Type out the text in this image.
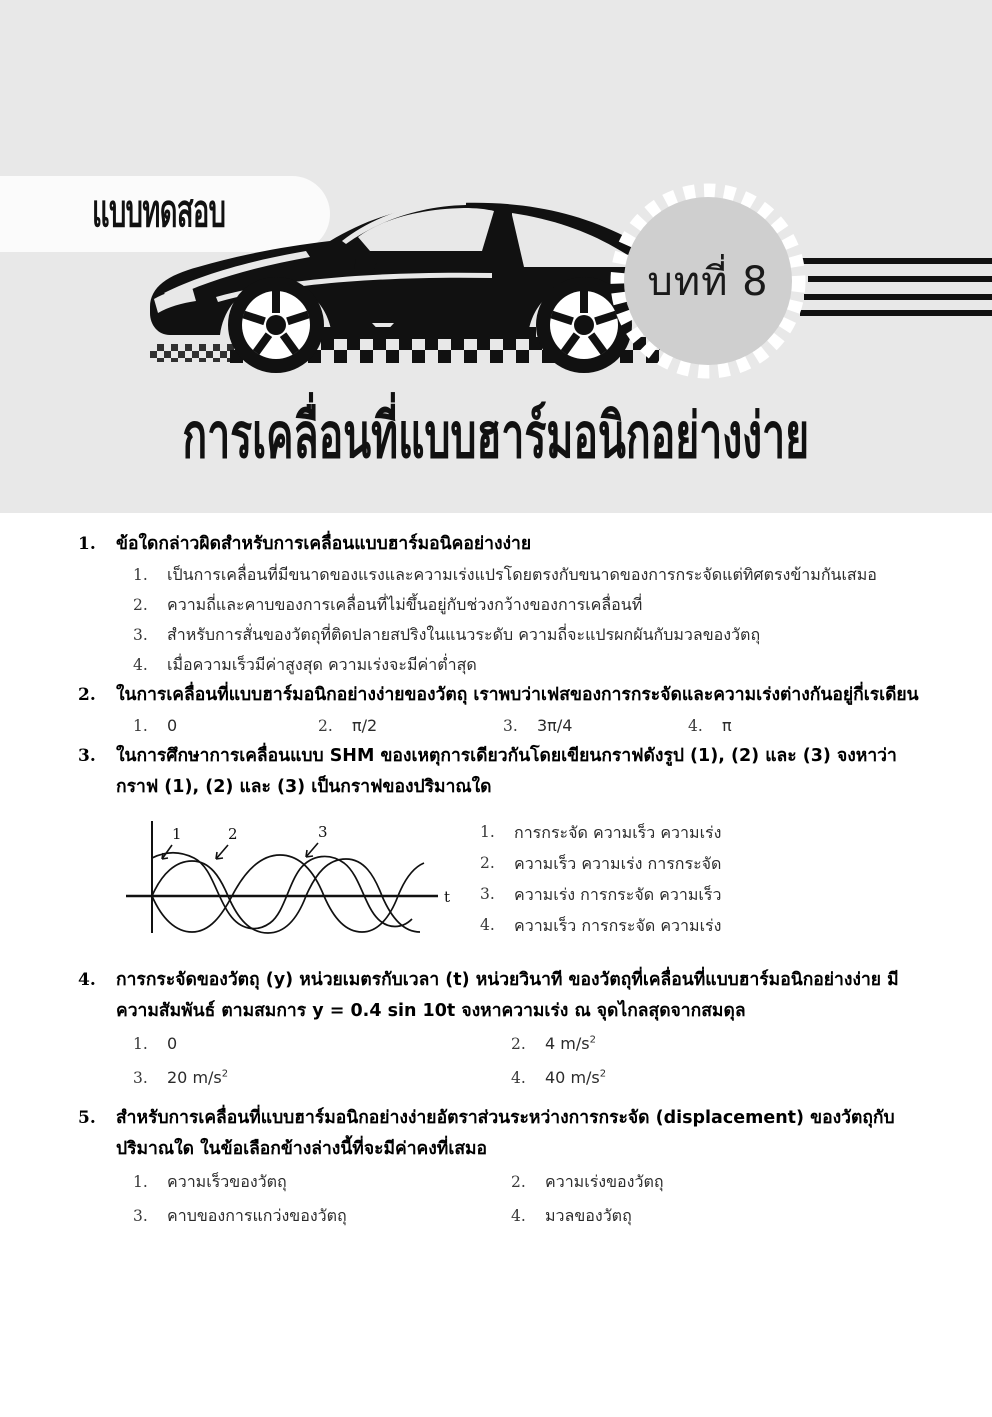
แบบทดสอบ
บทที่ 8
การเคลื่อนที่แบบฮาร์มอนิกอย่างง่าย
1.	ข้อใดกล่าวผิดสำหรับการเคลื่อนแบบฮาร์มอนิคอย่างง่าย
1.	เป็นการเคลื่อนที่มีขนาดของแรงและความเร่งแปรโดยตรงกับขนาดของการกระจัดแต่ทิศตรงข้ามกันเสมอ
2.	ความถี่และคาบของการเคลื่อนที่ไม่ขึ้นอยู่กับช่วงกว้างของการเคลื่อนที่
3.	สำหรับการสั่นของวัตถุที่ติดปลายสปริงในแนวระดับ ความถี่จะแปรผกผันกับมวลของวัตถุ
4.	เมื่อความเร็วมีค่าสูงสุด ความเร่งจะมีค่าต่ำสุด
2.	ในการเคลื่อนที่แบบฮาร์มอนิกอย่างง่ายของวัตถุ เราพบว่าเฟสของการกระจัดและความเร่งต่างกันอยู่กี่เรเดียน
1.	0	2.	π/2	3.	3π/4	4.	π
3.	ในการศึกษาการเคลื่อนแบบ SHM ของเหตุการเดียวกันโดยเขียนกราฟดังรูป (1), (2) และ (3) จงหาว่า กราฟ (1), (2) และ (3) เป็นกราฟของปริมาณใด
1	2	3
t
1.	การกระจัด ความเร็ว ความเร่ง
2.	ความเร็ว ความเร่ง การกระจัด
3.	ความเร่ง การกระจัด ความเร็ว
4.	ความเร็ว การกระจัด ความเร่ง
4.	การกระจัดของวัตถุ (y) หน่วยเมตรกับเวลา (t) หน่วยวินาที ของวัตถุที่เคลื่อนที่แบบฮาร์มอนิกอย่างง่าย มีความสัมพันธ์ ตามสมการ y = 0.4 sin 10t จงหาความเร่ง ณ จุดไกลสุดจากสมดุล
1.	0	2.	4 $m/s^2$
3.	20 $m/s^2$	4.	40 $m/s^2$
5.	สำหรับการเคลื่อนที่แบบฮาร์มอนิกอย่างง่ายอัตราส่วนระหว่างการกระจัด (displacement) ของวัตถุกับปริมาณใด ในข้อเลือกข้างล่างนี้ที่จะมีค่าคงที่เสมอ
1.	ความเร็วของวัตถุ	2.	ความเร่งของวัตถุ
3.	คาบของการแกว่งของวัตถุ	4.	มวลของวัตถุ
